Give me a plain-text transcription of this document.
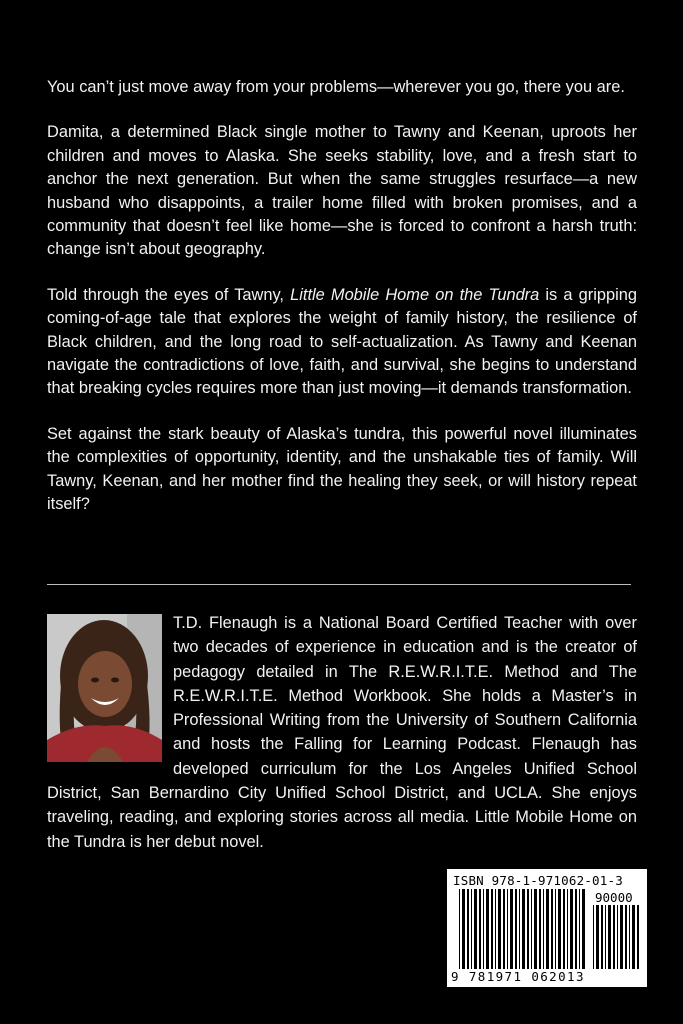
You can’t just move away from your problems—wherever you go, there you are.

Damita, a determined Black single mother to Tawny and Keenan, uproots her children and moves to Alaska. She seeks stability, love, and a fresh start to anchor the next generation. But when the same struggles resurface—a new husband who disappoints, a trailer home filled with broken promises, and a community that doesn’t feel like home—she is forced to confront a harsh truth: change isn’t about geography.

Told through the eyes of Tawny, Little Mobile Home on the Tundra is a gripping coming-of-age tale that explores the weight of family history, the resilience of Black children, and the long road to self-actualization. As Tawny and Keenan navigate the contradictions of love, faith, and survival, she begins to understand that breaking cycles requires more than just moving—it demands transformation.

Set against the stark beauty of Alaska’s tundra, this powerful novel illuminates the complexities of opportunity, identity, and the unshakable ties of family. Will Tawny, Keenan, and her mother find the healing they seek, or will history repeat itself?

T.D. Flenaugh is a National Board Certified Teacher with over two decades of experience in education and is the creator of pedagogy detailed in The R.E.W.R.I.T.E. Method and The R.E.W.R.I.T.E. Method Workbook. She holds a Master’s in Professional Writing from the University of Southern California and hosts the Falling for Learning Podcast. Flenaugh has developed curriculum for the Los Angeles Unified School District, San Bernardino City Unified School District, and UCLA. She enjoys traveling, reading, and exploring stories across all media. Little Mobile Home on the Tundra is her debut novel.

ISBN 978-1-971062-01-3
90000
9 781971 062013
